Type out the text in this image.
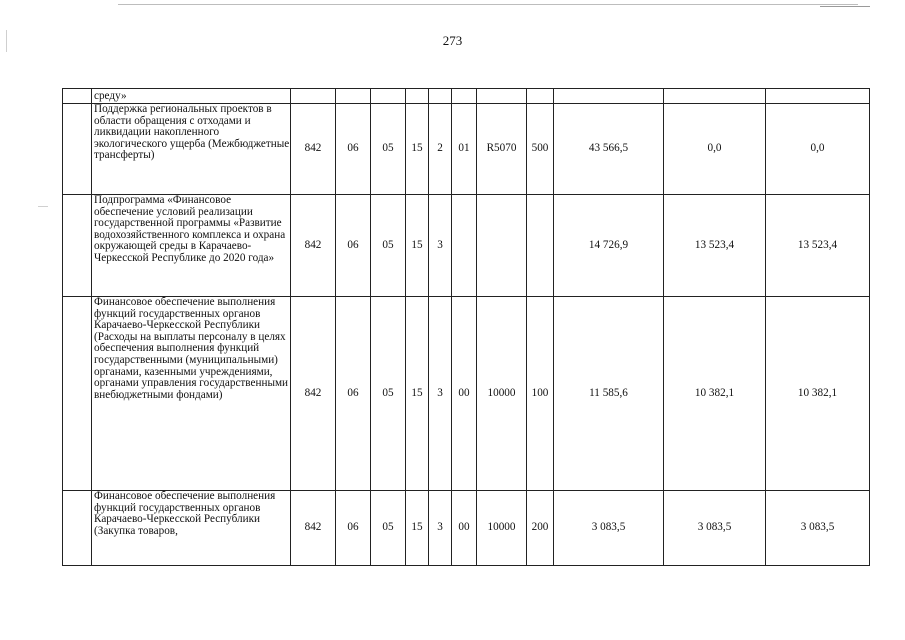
273
	среду»											
	Поддержка региональных проектов в области обращения с отходами и ликвидации накопленного экологического ущерба (Межбюджетные трансферты)	842	06	05	15	2	01	R5070	500	43 566,5	0,0	0,0
	Подпрограмма «Финансовое обеспечение условий реализации государственной программы «Развитие водохозяйственного комплекса и охрана окружающей среды в Карачаево-Черкесской Республике до 2020 года»	842	06	05	15	3				14 726,9	13 523,4	13 523,4
	Финансовое обеспечение выполнения функций государственных органов Карачаево-Черкесской Республики (Расходы на выплаты персоналу в целях обеспечения выполнения функций государственными (муниципальными) органами, казенными учреждениями, органами управления государственными внебюджетными фондами)	842	06	05	15	3	00	10000	100	11 585,6	10 382,1	10 382,1
	Финансовое обеспечение выполнения функций государственных органов Карачаево-Черкесской Республики (Закупка товаров,	842	06	05	15	3	00	10000	200	3 083,5	3 083,5	3 083,5
